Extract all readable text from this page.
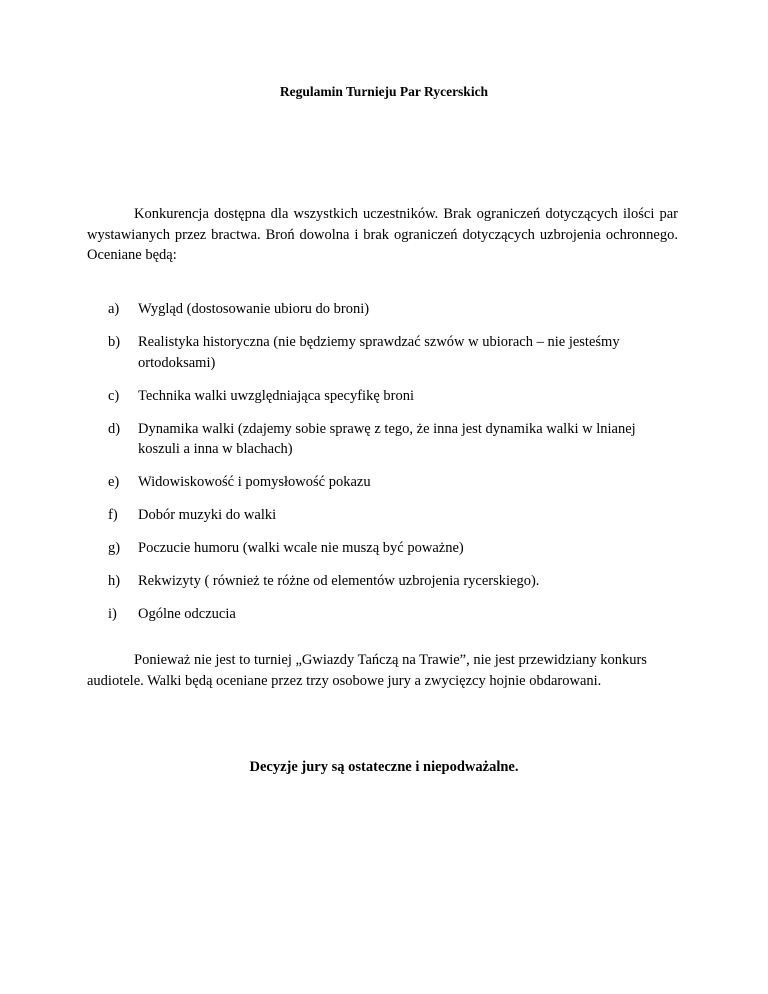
Regulamin Turnieju Par Rycerskich

Konkurencja dostępna dla wszystkich uczestników. Brak ograniczeń dotyczących ilości par wystawianych przez bractwa. Broń dowolna i brak ograniczeń dotyczących uzbrojenia ochronnego. Oceniane będą:

a) Wygląd (dostosowanie ubioru do broni)
b) Realistyka historyczna (nie będziemy sprawdzać szwów w ubiorach – nie jesteśmy ortodoksami)
c) Technika walki uwzględniająca specyfikę broni
d) Dynamika walki (zdajemy sobie sprawę z tego, że inna jest dynamika walki w lnianej koszuli a inna w blachach)
e) Widowiskowość i pomysłowość pokazu
f) Dobór muzyki do walki
g) Poczucie humoru (walki wcale nie muszą być poważne)
h) Rekwizyty ( również te różne od elementów uzbrojenia rycerskiego).
i) Ogólne odczucia

Ponieważ nie jest to turniej „Gwiazdy Tańczą na Trawie”, nie jest przewidziany konkurs audiotele. Walki będą oceniane przez trzy osobowe jury a zwycięzcy hojnie obdarowani.

Decyzje jury są ostateczne i niepodważalne.
